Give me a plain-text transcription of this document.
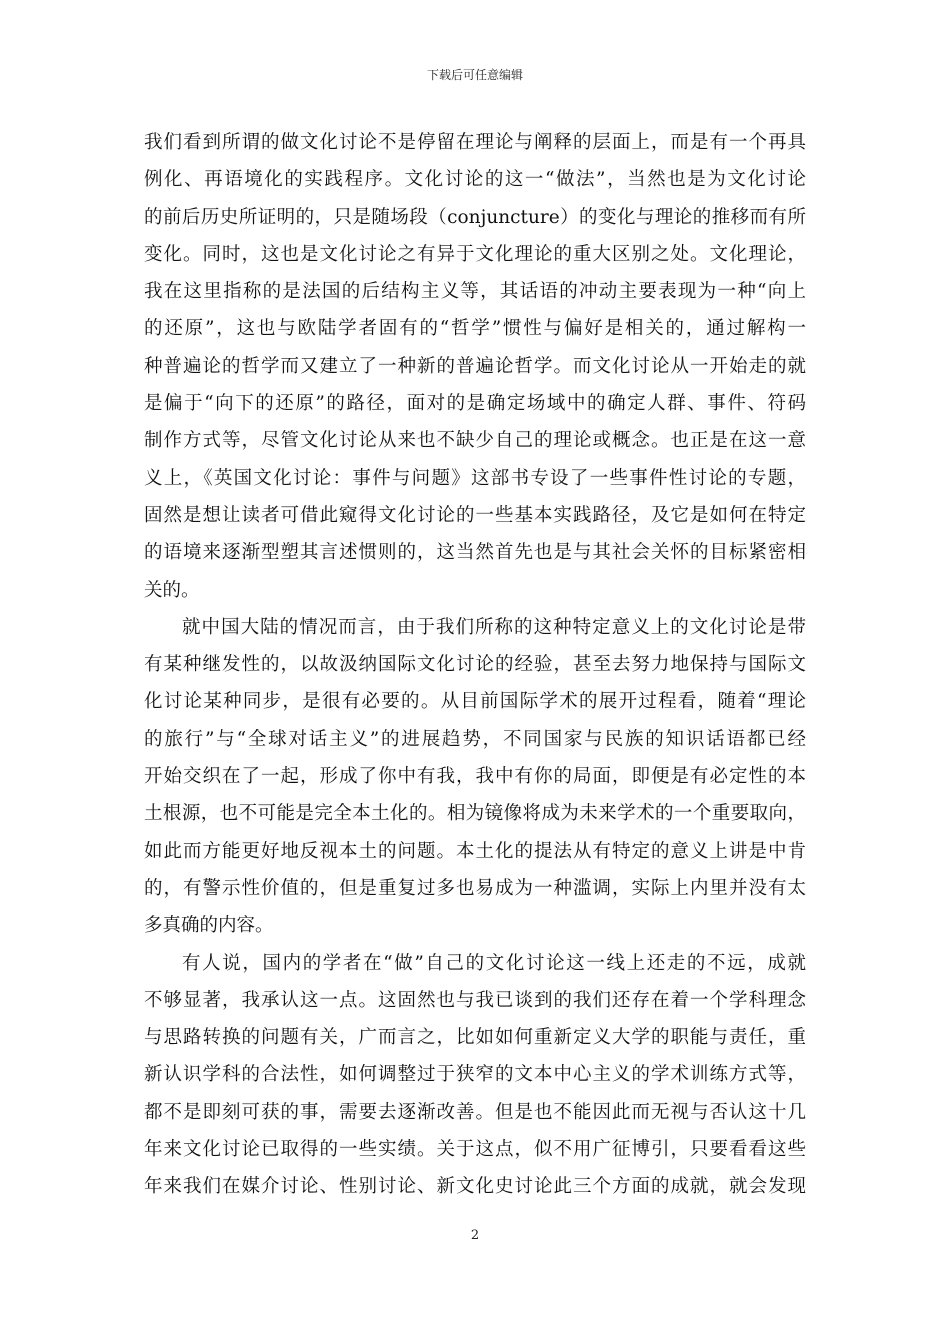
下载后可任意编辑
我们看到所谓的做文化讨论不是停留在理论与阐释的层面上，而是有一个再具
例化、再语境化的实践程序。文化讨论的这一“做法”，当然也是为文化讨论
的前后历史所证明的，只是随场段（conjuncture）的变化与理论的推移而有所
变化。同时，这也是文化讨论之有异于文化理论的重大区别之处。文化理论，
我在这里指称的是法国的后结构主义等，其话语的冲动主要表现为一种“向上
的还原”，这也与欧陆学者固有的“哲学”惯性与偏好是相关的，通过解构一
种普遍论的哲学而又建立了一种新的普遍论哲学。而文化讨论从一开始走的就
是偏于“向下的还原”的路径，面对的是确定场域中的确定人群、事件、符码
制作方式等，尽管文化讨论从来也不缺少自己的理论或概念。也正是在这一意
义上，《英国文化讨论：事件与问题》这部书专设了一些事件性讨论的专题，
固然是想让读者可借此窥得文化讨论的一些基本实践路径，及它是如何在特定
的语境来逐渐型塑其言述惯则的，这当然首先也是与其社会关怀的目标紧密相
关的。
就中国大陆的情况而言，由于我们所称的这种特定意义上的文化讨论是带
有某种继发性的，以故汲纳国际文化讨论的经验，甚至去努力地保持与国际文
化讨论某种同步，是很有必要的。从目前国际学术的展开过程看，随着“理论
的旅行”与“全球对话主义”的进展趋势，不同国家与民族的知识话语都已经
开始交织在了一起，形成了你中有我，我中有你的局面，即便是有必定性的本
土根源，也不可能是完全本土化的。相为镜像将成为未来学术的一个重要取向，
如此而方能更好地反视本土的问题。本土化的提法从有特定的意义上讲是中肯
的，有警示性价值的，但是重复过多也易成为一种滥调，实际上内里并没有太
多真确的内容。
有人说，国内的学者在“做”自己的文化讨论这一线上还走的不远，成就
不够显著，我承认这一点。这固然也与我已谈到的我们还存在着一个学科理念
与思路转换的问题有关，广而言之，比如如何重新定义大学的职能与责任，重
新认识学科的合法性，如何调整过于狭窄的文本中心主义的学术训练方式等，
都不是即刻可获的事，需要去逐渐改善。但是也不能因此而无视与否认这十几
年来文化讨论已取得的一些实绩。关于这点，似不用广征博引，只要看看这些
年来我们在媒介讨论、性别讨论、新文化史讨论此三个方面的成就，就会发现
2
